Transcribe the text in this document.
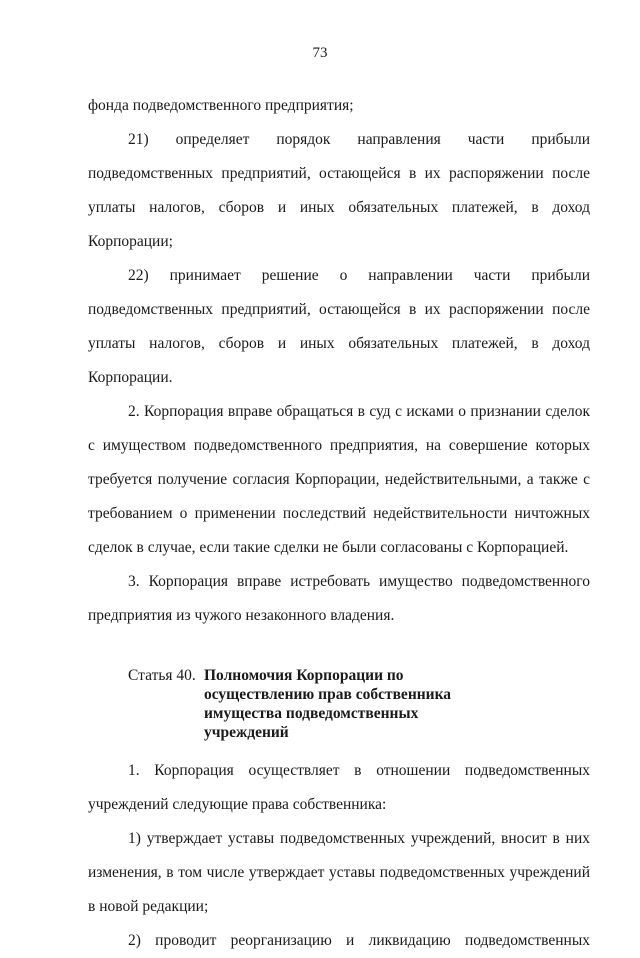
73

фонда подведомственного предприятия;

21) определяет порядок направления части прибыли подведомственных предприятий, остающейся в их распоряжении после уплаты налогов, сборов и иных обязательных платежей, в доход Корпорации;

22) принимает решение о направлении части прибыли подведомственных предприятий, остающейся в их распоряжении после уплаты налогов, сборов и иных обязательных платежей, в доход Корпорации.

2. Корпорация вправе обращаться в суд с исками о признании сделок с имуществом подведомственного предприятия, на совершение которых требуется получение согласия Корпорации, недействительными, а также с требованием о применении последствий недействительности ничтожных сделок в случае, если такие сделки не были согласованы с Корпорацией.

3. Корпорация вправе истребовать имущество подведомственного предприятия из чужого незаконного владения.

Статья 40. Полномочия Корпорации по осуществлению прав собственника имущества подведомственных учреждений

1. Корпорация осуществляет в отношении подведомственных учреждений следующие права собственника:

1) утверждает уставы подведомственных учреждений, вносит в них изменения, в том числе утверждает уставы подведомственных учреждений в новой редакции;

2) проводит реорганизацию и ликвидацию подведомственных
